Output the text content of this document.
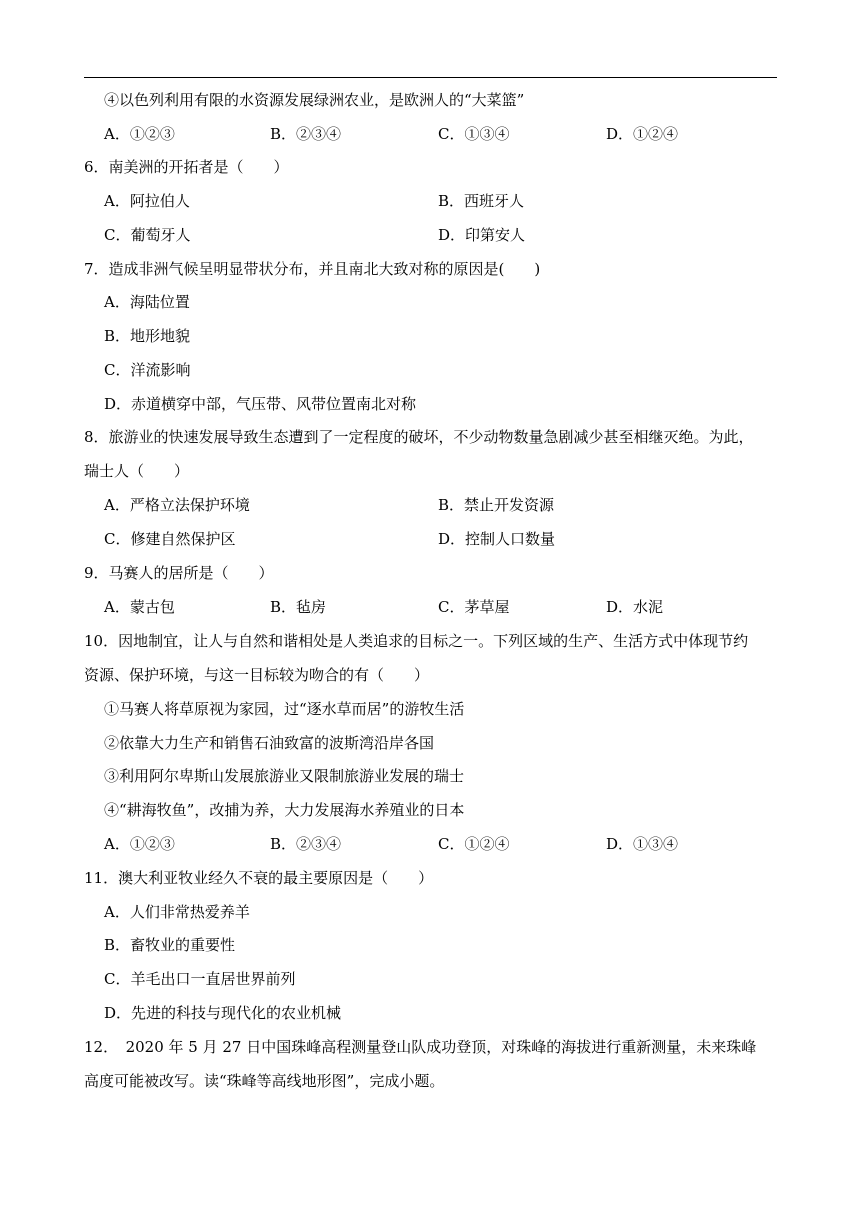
④以色列利用有限的水资源发展绿洲农业，是欧洲人的“大菜篮”
A．①②③	B．②③④	C．①③④	D．①②④
6．南美洲的开拓者是（　　）
A．阿拉伯人	B．西班牙人
C．葡萄牙人	D．印第安人
7．造成非洲气候呈明显带状分布，并且南北大致对称的原因是(　　)
A．海陆位置
B．地形地貌
C．洋流影响
D．赤道横穿中部，气压带、风带位置南北对称
8．旅游业的快速发展导致生态遭到了一定程度的破坏，不少动物数量急剧减少甚至相继灭绝。为此，
瑞士人（　　）
A．严格立法保护环境	B．禁止开发资源
C．修建自然保护区	D．控制人口数量
9．马赛人的居所是（　　）
A．蒙古包	B．毡房	C．茅草屋	D．水泥
10．因地制宜，让人与自然和谐相处是人类追求的目标之一。下列区域的生产、生活方式中体现节约
资源、保护环境，与这一目标较为吻合的有（　　）
①马赛人将草原视为家园，过“逐水草而居”的游牧生活
②依靠大力生产和销售石油致富的波斯湾沿岸各国
③利用阿尔卑斯山发展旅游业又限制旅游业发展的瑞士
④“耕海牧鱼”，改捕为养，大力发展海水养殖业的日本
A．①②③	B．②③④	C．①②④	D．①③④
11．澳大利亚牧业经久不衰的最主要原因是（　　）
A．人们非常热爱养羊
B．畜牧业的重要性
C．羊毛出口一直居世界前列
D．先进的科技与现代化的农业机械
12．　2020 年 5 月 27 日中国珠峰高程测量登山队成功登顶，对珠峰的海拔进行重新测量，未来珠峰
高度可能被改写。读“珠峰等高线地形图”，完成小题。
